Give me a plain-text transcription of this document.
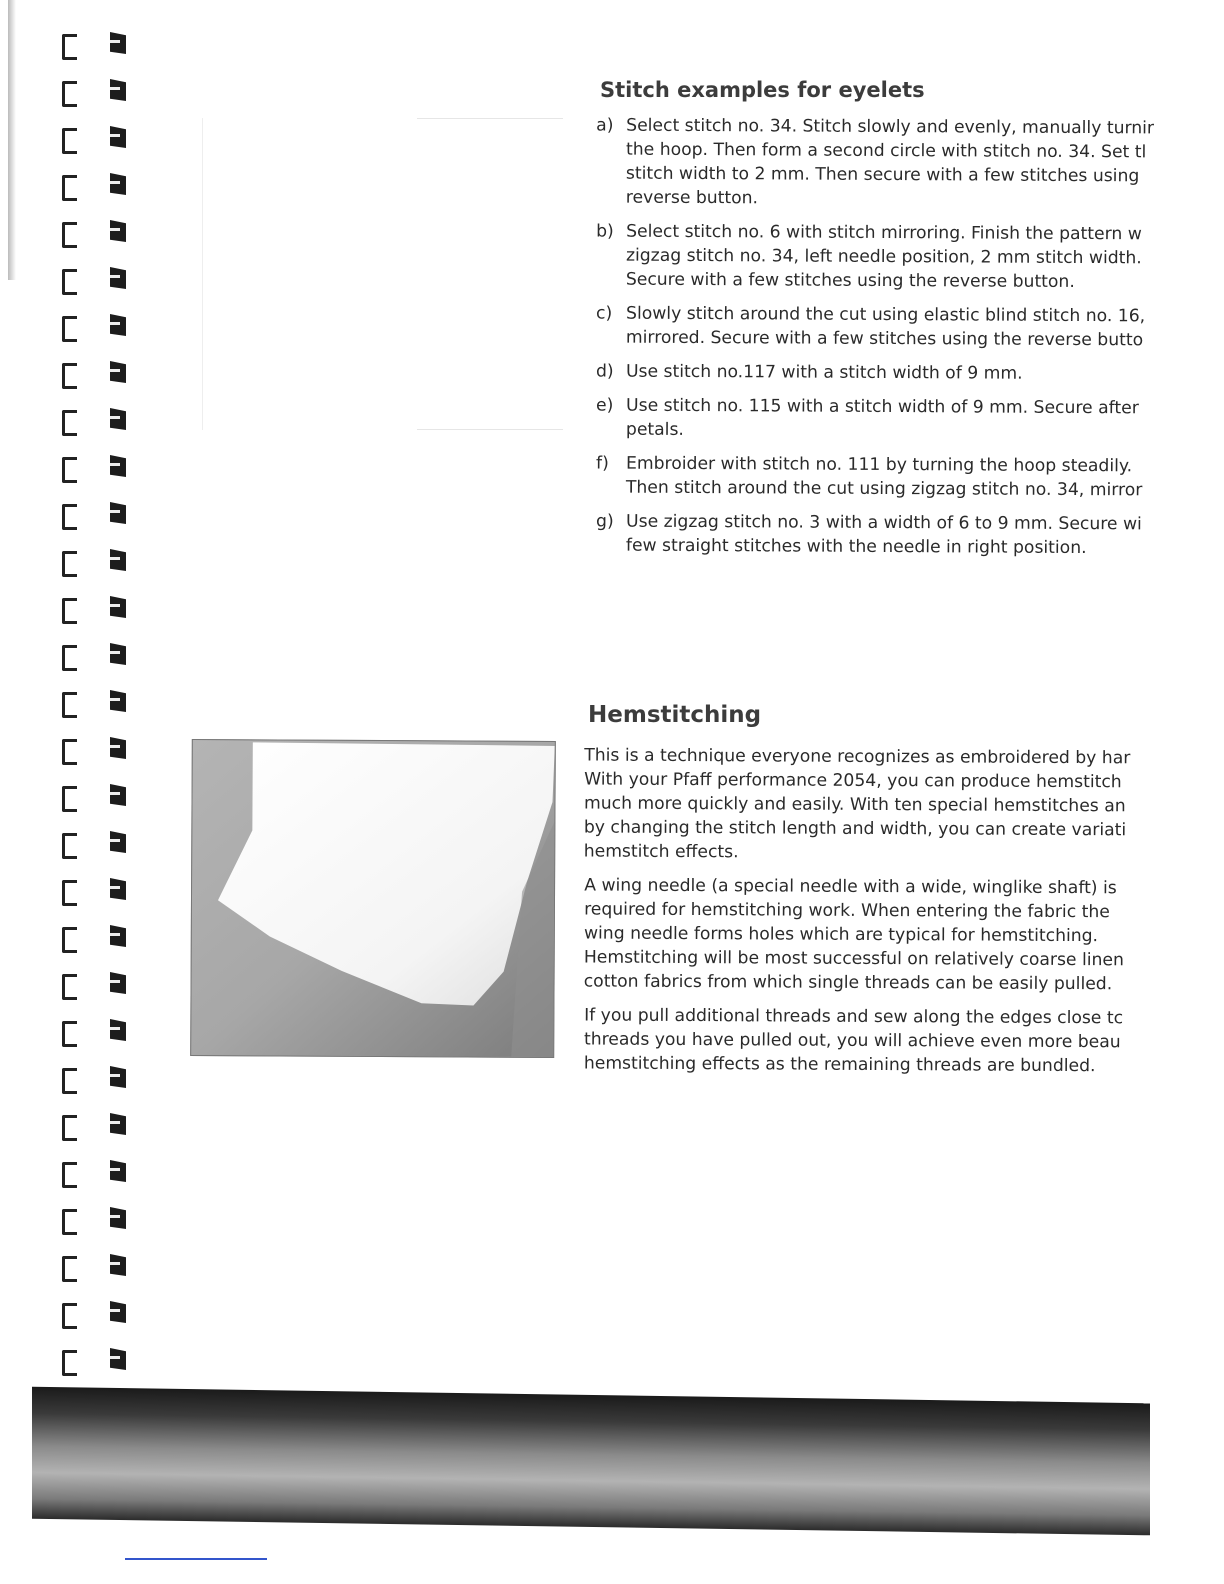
Stitch examples for eyelets
a) Select stitch no. 34. Stitch slowly and evenly, manually turnir
the hoop. Then form a second circle with stitch no. 34. Set tl
stitch width to 2 mm. Then secure with a few stitches using
reverse button.
b) Select stitch no. 6 with stitch mirroring. Finish the pattern w
zigzag stitch no. 34, left needle position, 2 mm stitch width.
Secure with a few stitches using the reverse button.
c) Slowly stitch around the cut using elastic blind stitch no. 16,
mirrored. Secure with a few stitches using the reverse butto
d) Use stitch no.117 with a stitch width of 9 mm.
e) Use stitch no. 115 with a stitch width of 9 mm. Secure after
petals.
f) Embroider with stitch no. 111 by turning the hoop steadily.
Then stitch around the cut using zigzag stitch no. 34, mirror
g) Use zigzag stitch no. 3 with a width of 6 to 9 mm. Secure wi
few straight stitches with the needle in right position.
Hemstitching

This is a technique everyone recognizes as embroidered by har
With your Pfaff performance 2054, you can produce hemstitch
much more quickly and easily. With ten special hemstitches an
by changing the stitch length and width, you can create variati
hemstitch effects.

A wing needle (a special needle with a wide, winglike shaft) is
required for hemstitching work. When entering the fabric the
wing needle forms holes which are typical for hemstitching.
Hemstitching will be most successful on relatively coarse linen
cotton fabrics from which single threads can be easily pulled.

If you pull additional threads and sew along the edges close tc
threads you have pulled out, you will achieve even more beau
hemstitching effects as the remaining threads are bundled.
